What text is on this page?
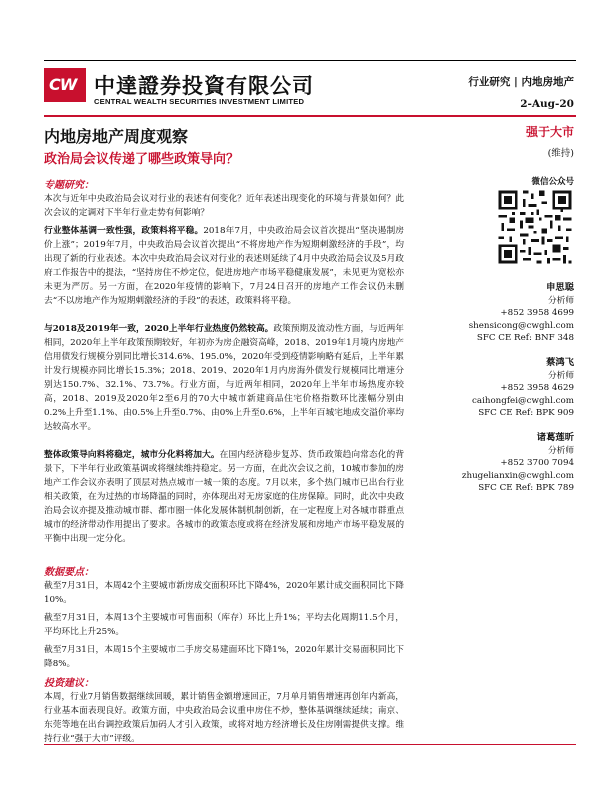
CW 中達證券投資有限公司
CENTRAL WEALTH SECURITIES INVESTMENT LIMITED
行业研究 | 内地房地产
2-Aug-20
内地房地产周度观察
政治局会议传递了哪些政策导向？
专题研究：
本次与近年中央政治局会议对行业的表述有何变化？近年表述出现变化的环境与背景如何？此次会议的定调对下半年行业走势有何影响？
行业整体基调一致性强，政策料将平稳。2018年7月，中央政治局会议首次提出“坚决遏制房价上涨”；2019年7月，中央政治局会议首次提出“不将房地产作为短期刺激经济的手段”，均出现了新的行业表述。本次中央政治局会议对行业的表述则延续了4月中央政治局会议及5月政府工作报告中的提法，“坚持房住不炒定位，促进房地产市场平稳健康发展”，未见更为宽松亦未更为严厉。另一方面，在2020年疫情的影响下，7月24日召开的房地产工作会议仍未删去“不以房地产作为短期刺激经济的手段”的表述，政策料将平稳。
与2018及2019年一致，2020上半年行业热度仍然较高。政策预期及流动性方面，与近两年相同，2020年上半年政策预期较好，年初亦为房企融资高峰，2018、2019年1月境内房地产信用债发行规模分别同比增长314.6%、195.0%，2020年受到疫情影响略有延后，上半年累计发行规模亦同比增长15.3%；2018、2019、2020年1月内房海外债发行规模同比增速分别达150.7%、32.1%、73.7%。行业方面，与近两年相同，2020年上半年市场热度亦较高，2018、2019及2020年2至6月的70大中城市新建商品住宅价格指数环比涨幅分别由0.2%上升至1.1%、由0.5%上升至0.7%、由0%上升至0.6%，上半年百城宅地成交溢价率均达较高水平。
整体政策导向料将稳定，城市分化料将加大。在国内经济稳步复苏、货币政策趋向常态化的背景下，下半年行业政策基调或将继续维持稳定。另一方面，在此次会议之前，10城市参加的房地产工作会议亦表明了顶层对热点城市一城一策的态度。7月以来，多个热门城市已出台行业相关政策，在为过热的市场降温的同时，亦体现出对无房家庭的住房保障。同时，此次中央政治局会议亦提及推动城市群、都市圈一体化发展体制机制创新，在一定程度上对各城市群重点城市的经济带动作用提出了要求。各城市的政策态度或将在经济发展和房地产市场平稳发展的平衡中出现一定分化。
数据要点：
截至7月31日，本周42个主要城市新房成交面积环比下降4%，2020年累计成交面积同比下降10%。
截至7月31日，本周13个主要城市可售面积（库存）环比上升1%；平均去化周期11.5个月，平均环比上升25%。
截至7月31日，本周15个主要城市二手房交易建面环比下降1%，2020年累计交易面积同比下降8%。
投资建议：
本周，行业7月销售数据继续回暖，累计销售金额增速回正，7月单月销售增速再创年内新高，行业基本面表现良好。政策方面，中央政治局会议重申房住不炒，整体基调继续延续；南京、东莞等地在出台调控政策后加码人才引入政策，或将对地方经济增长及住房刚需提供支撑。维持行业“强于大市”评级。
强于大市
(维持)
微信公众号
申思聪
分析师
+852 3958 4699
shensicong@cwghl.com
SFC CE Ref: BNF 348
蔡鸿飞
分析师
+852 3958 4629
caihongfei@cwghl.com
SFC CE Ref: BPK 909
诸葛莲昕
分析师
+852 3700 7094
zhugelianxin@cwghl.com
SFC CE Ref: BPK 789
